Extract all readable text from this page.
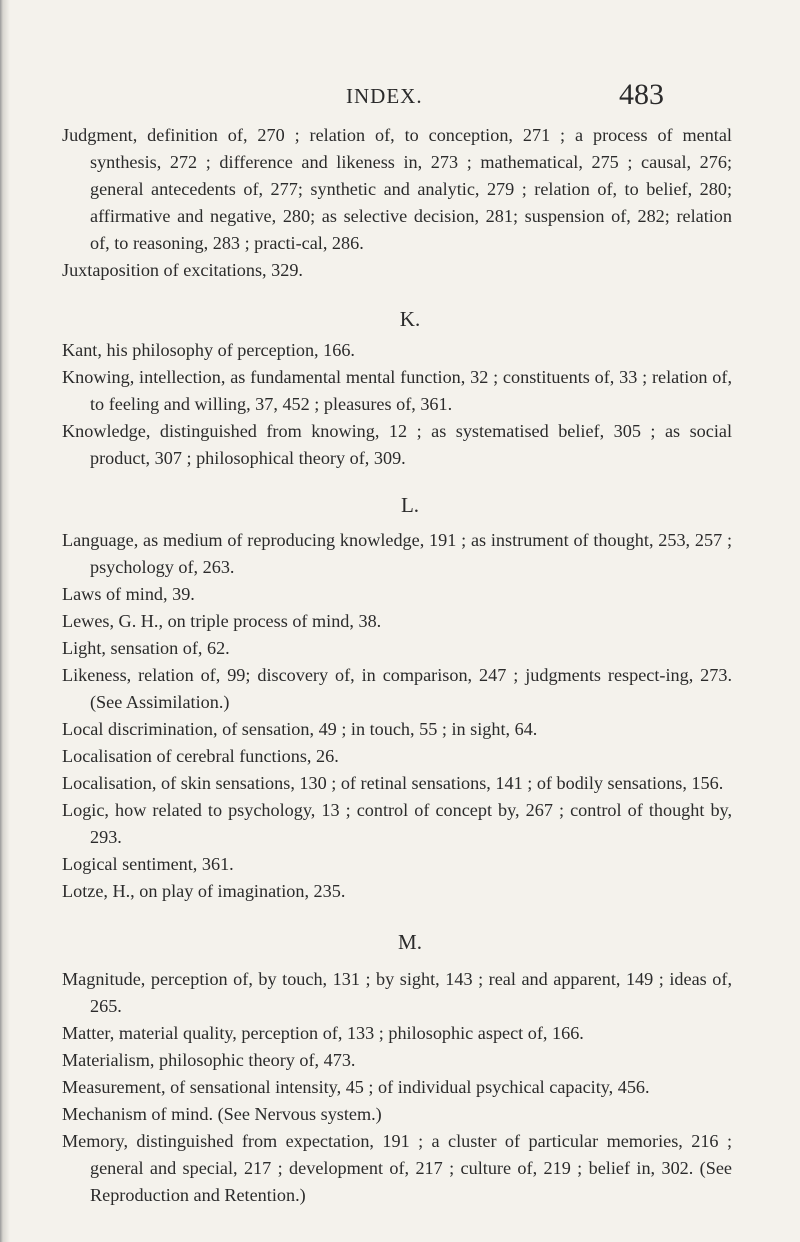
INDEX.	483
Judgment, definition of, 270 ; relation of, to conception, 271 ; a process of mental synthesis, 272 ; difference and likeness in, 273 ; mathematical, 275 ; causal, 276; general antecedents of, 277; synthetic and analytic, 279 ; relation of, to belief, 280; affirmative and negative, 280; as selective decision, 281; suspension of, 282; relation of, to reasoning, 283 ; practi-cal, 286.
Juxtaposition of excitations, 329.
K.
Kant, his philosophy of perception, 166.
Knowing, intellection, as fundamental mental function, 32 ; constituents of, 33 ; relation of, to feeling and willing, 37, 452 ; pleasures of, 361.
Knowledge, distinguished from knowing, 12 ; as systematised belief, 305 ; as social product, 307 ; philosophical theory of, 309.
L.
Language, as medium of reproducing knowledge, 191 ; as instrument of thought, 253, 257 ; psychology of, 263.
Laws of mind, 39.
Lewes, G. H., on triple process of mind, 38.
Light, sensation of, 62.
Likeness, relation of, 99; discovery of, in comparison, 247 ; judgments respect-ing, 273. (See Assimilation.)
Local discrimination, of sensation, 49 ; in touch, 55 ; in sight, 64.
Localisation of cerebral functions, 26.
Localisation, of skin sensations, 130 ; of retinal sensations, 141 ; of bodily sensations, 156.
Logic, how related to psychology, 13 ; control of concept by, 267 ; control of thought by, 293.
Logical sentiment, 361.
Lotze, H., on play of imagination, 235.
M.
Magnitude, perception of, by touch, 131 ; by sight, 143 ; real and apparent, 149 ; ideas of, 265.
Matter, material quality, perception of, 133 ; philosophic aspect of, 166.
Materialism, philosophic theory of, 473.
Measurement, of sensational intensity, 45 ; of individual psychical capacity, 456.
Mechanism of mind. (See Nervous system.)
Memory, distinguished from expectation, 191 ; a cluster of particular memories, 216 ; general and special, 217 ; development of, 217 ; culture of, 219 ; belief in, 302. (See Reproduction and Retention.)
